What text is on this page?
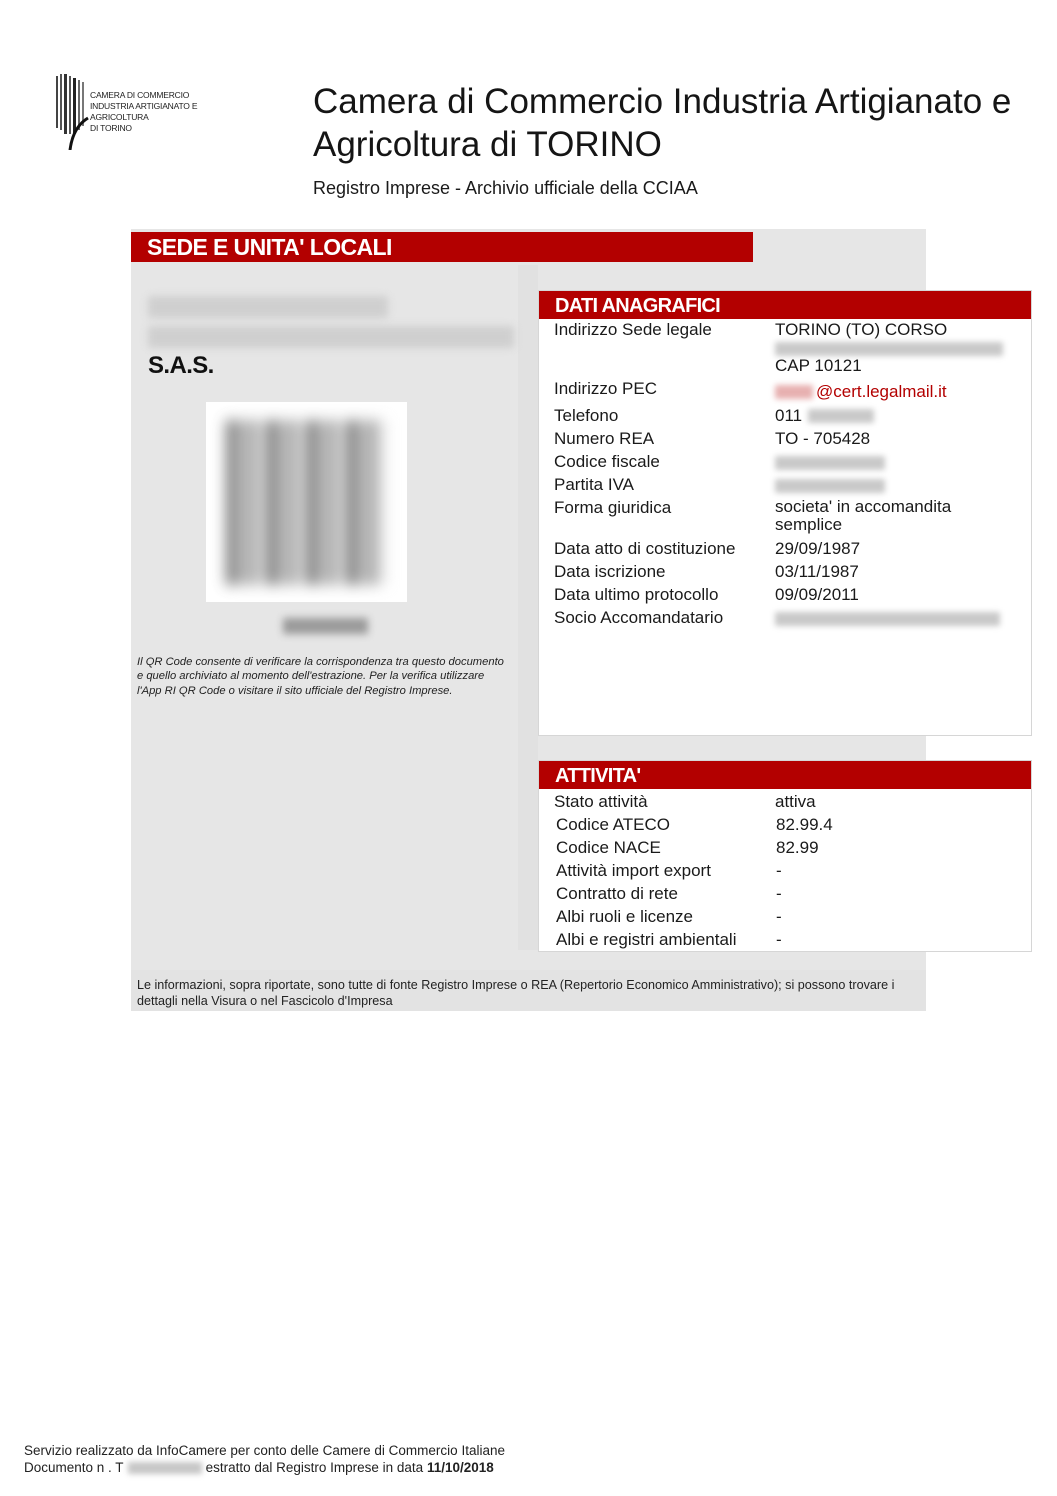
CAMERA DI COMMERCIO
INDUSTRIA ARTIGIANATO E AGRICOLTURA
DI TORINO
Camera di Commercio Industria Artigianato e Agricoltura di TORINO
Registro Imprese - Archivio ufficiale della CCIAA
SEDE E UNITA' LOCALI
S.A.S.
Il QR Code consente di verificare la corrispondenza tra questo documento e quello archiviato al momento dell'estrazione. Per la verifica utilizzare l'App RI QR Code o visitare il sito ufficiale del Registro Imprese.
DATI ANAGRAFICI
Indirizzo Sede legale	TORINO (TO) CORSO
CAP 10121
Indirizzo PEC	@cert.legalmail.it
Telefono	011
Numero REA	TO - 705428
Codice fiscale
Partita IVA
Forma giuridica	societa' in accomandita semplice
Data atto di costituzione 29/09/1987
Data iscrizione	03/11/1987
Data ultimo protocollo	09/09/2011
Socio Accomandatario
ATTIVITA'
Stato attività	attiva
Codice ATECO	82.99.4
Codice NACE	82.99
Attività import export	-
Contratto di rete	-
Albi ruoli e licenze	-
Albi e registri ambientali -
Le informazioni, sopra riportate, sono tutte di fonte Registro Imprese o REA (Repertorio Economico Amministrativo); si possono trovare i dettagli nella Visura o nel Fascicolo d'Impresa
Servizio realizzato da InfoCamere per conto delle Camere di Commercio Italiane
Documento n . T	estratto dal Registro Imprese in data 11/10/2018
